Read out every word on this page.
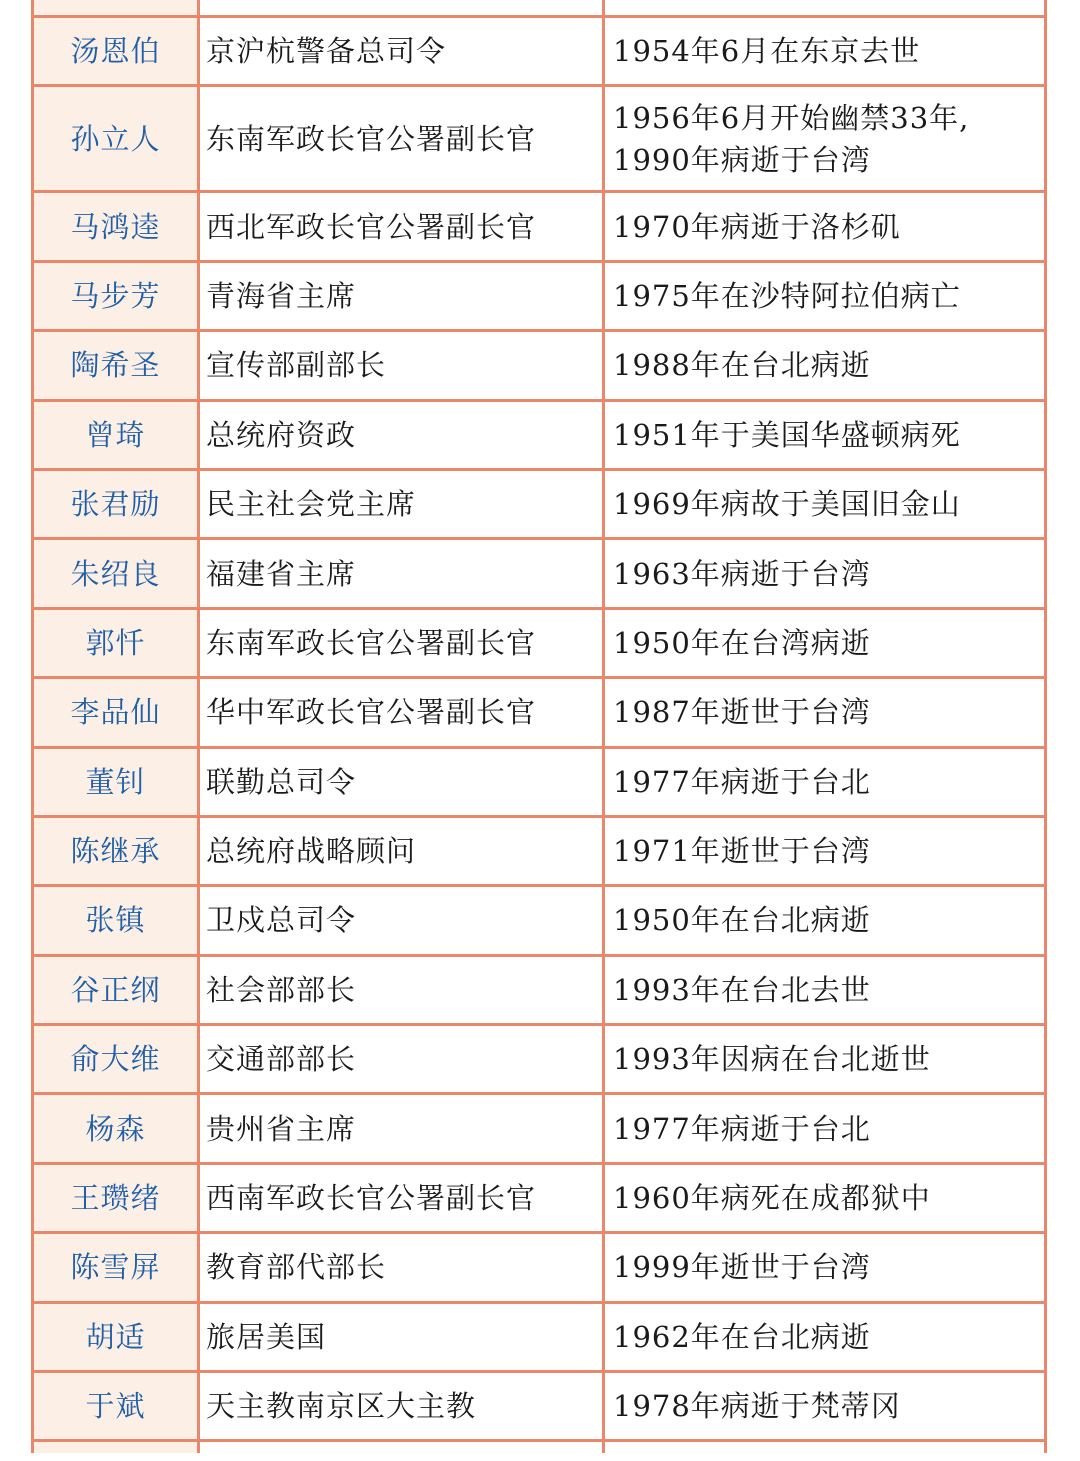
汤恩伯	京沪杭警备总司令	1954年6月在东京去世
孙立人	东南军政长官公署副长官
1956年6月开始幽禁33年,
1990年病逝于台湾
马鸿逵	西北军政长官公署副长官	1970年病逝于洛杉矶
马步芳	青海省主席	1975年在沙特阿拉伯病亡
陶希圣	宣传部副部长	1988年在台北病逝
曾琦	总统府资政	1951年于美国华盛顿病死
张君励	民主社会党主席	1969年病故于美国旧金山
朱绍良	福建省主席	1963年病逝于台湾
郭忏	东南军政长官公署副长官	1950年在台湾病逝
李品仙	华中军政长官公署副长官	1987年逝世于台湾
董钊	联勤总司令	1977年病逝于台北
陈继承	总统府战略顾问	1971年逝世于台湾
张镇	卫戍总司令	1950年在台北病逝
谷正纲	社会部部长	1993年在台北去世
俞大维	交通部部长	1993年因病在台北逝世
杨森	贵州省主席	1977年病逝于台北
王瓒绪	西南军政长官公署副长官	1960年病死在成都狱中
陈雪屏	教育部代部长	1999年逝世于台湾
胡适	旅居美国	1962年在台北病逝
于斌	天主教南京区大主教	1978年病逝于梵蒂冈
